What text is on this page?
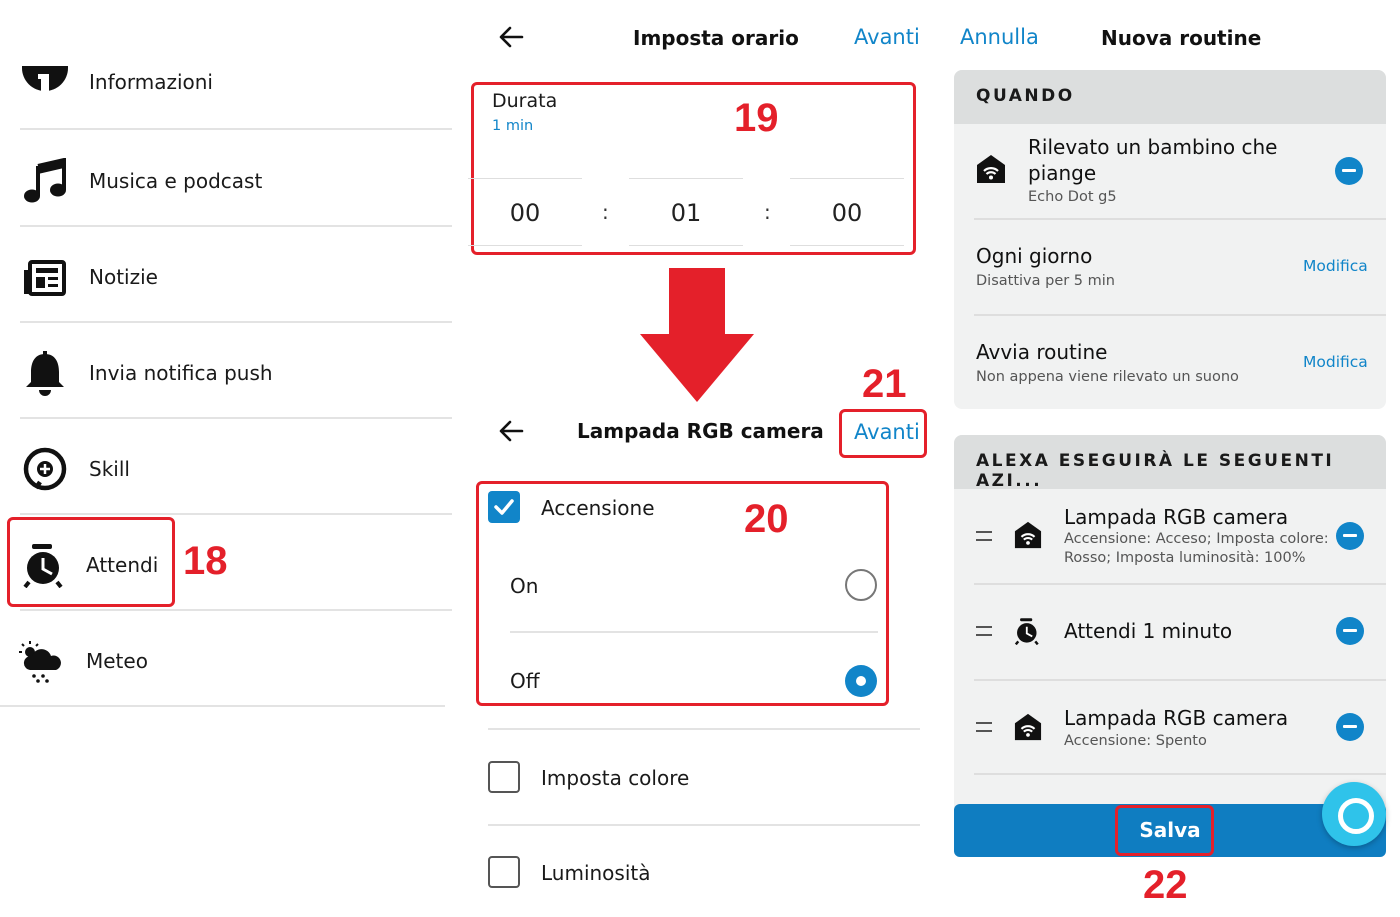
Informazioni
Musica e podcast
Notizie
Invia notifica push
Skill
Attendi 18
Meteo
Imposta orario	Avanti
Durata
1 min	19
00	:	01	:	00
Lampada RGB camera
21
Avanti
Accensione 20
On
Off
Imposta colore
Luminosità
Annulla	Nuova routine
QUANDO
Rilevato un bambino che piange
Echo Dot g5
Ogni giorno
Disattiva per 5 min
Modifica
Avvia routine
Non appena viene rilevato un suono
Modifica
ALEXA ESEGUIRÀ LE SEGUENTI AZI...
Lampada RGB camera
Accensione: Acceso; Imposta colore: Rosso; Imposta luminosità: 100%
Attendi 1 minuto
Lampada RGB camera
Accensione: Spento
Salva
22
